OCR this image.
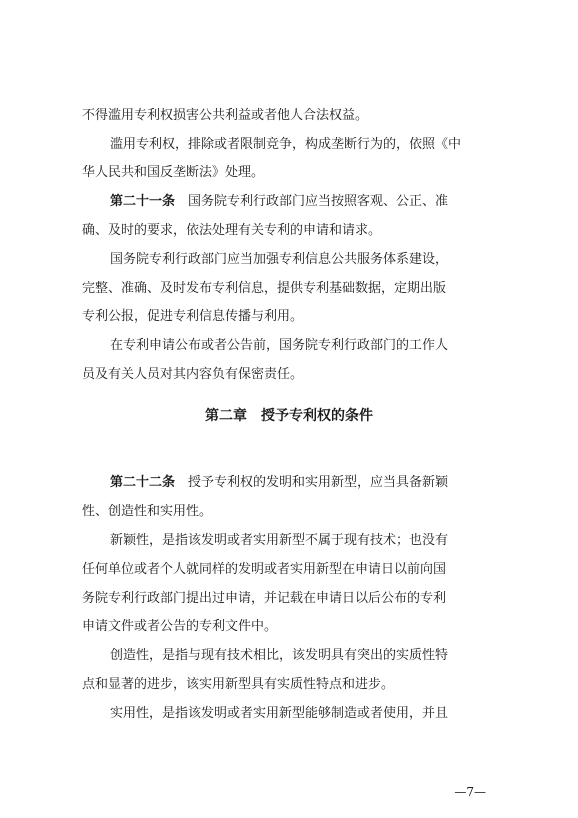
不得滥用专利权损害公共利益或者他人合法权益。
滥用专利权，排除或者限制竞争，构成垄断行为的，依照《中
华人民共和国反垄断法》处理。
第二十一条 国务院专利行政部门应当按照客观、公正、准
确、及时的要求，依法处理有关专利的申请和请求。
国务院专利行政部门应当加强专利信息公共服务体系建设，
完整、准确、及时发布专利信息，提供专利基础数据，定期出版
专利公报，促进专利信息传播与利用。
在专利申请公布或者公告前，国务院专利行政部门的工作人
员及有关人员对其内容负有保密责任。
第二章 授予专利权的条件
第二十二条 授予专利权的发明和实用新型，应当具备新颖
性、创造性和实用性。
新颖性，是指该发明或者实用新型不属于现有技术；也没有
任何单位或者个人就同样的发明或者实用新型在申请日以前向国
务院专利行政部门提出过申请，并记载在申请日以后公布的专利
申请文件或者公告的专利文件中。
创造性，是指与现有技术相比，该发明具有突出的实质性特
点和显著的进步，该实用新型具有实质性特点和进步。
实用性，是指该发明或者实用新型能够制造或者使用，并且
—7—
